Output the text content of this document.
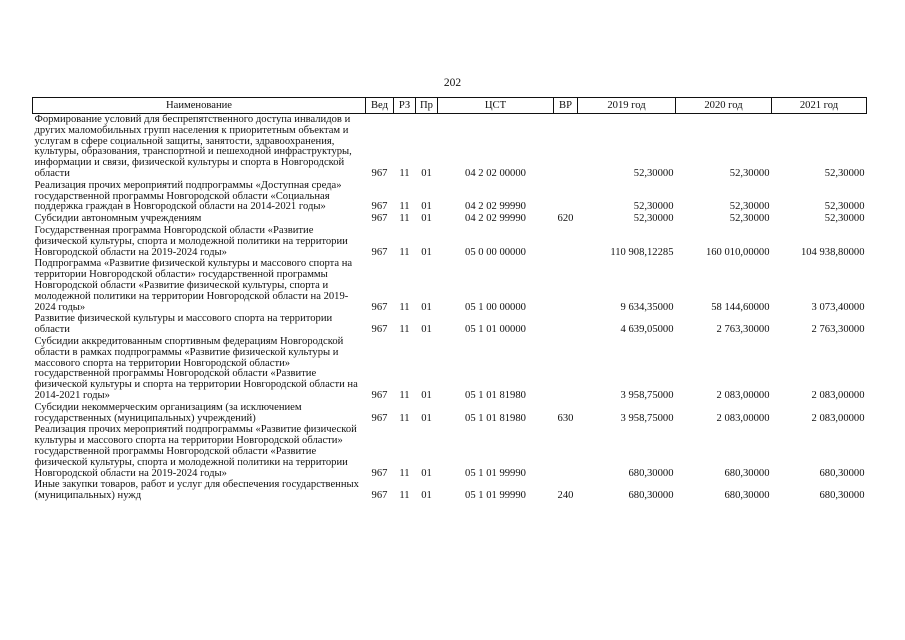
202
Наименование	Вед	РЗ	Пр	ЦСТ	ВР	2019 год	2020 год	2021 год
Формирование условий для беспрепятственного доступа инвалидов и других маломобильных групп населения к приоритетным объектам и услугам в сфере социальной защиты, занятости, здравоохранения, культуры, образования, транспортной и пешеходной инфраструктуры, информации и связи, физической культуры и спорта в Новгородской области	967	11	01	04 2 02 00000		52,30000	52,30000	52,30000
Реализация прочих мероприятий подпрограммы «Доступная среда» государственной программы Новгородской области «Социальная поддержка граждан в Новгородской области на 2014-2021 годы»	967	11	01	04 2 02 99990		52,30000	52,30000	52,30000
Субсидии автономным учреждениям	967	11	01	04 2 02 99990	620	52,30000	52,30000	52,30000
Государственная программа Новгородской области «Развитие физической культуры, спорта и молодежной политики на территории Новгородской области на 2019-2024 годы»	967	11	01	05 0 00 00000		110 908,12285	160 010,00000	104 938,80000
Подпрограмма «Развитие физической культуры и массового спорта на территории Новгородской области» государственной программы Новгородской области «Развитие физической культуры, спорта и молодежной политики на территории Новгородской области на 2019-2024 годы»	967	11	01	05 1 00 00000		9 634,35000	58 144,60000	3 073,40000
Развитие физической культуры и массового спорта на территории области	967	11	01	05 1 01 00000		4 639,05000	2 763,30000	2 763,30000
Субсидии аккредитованным спортивным федерациям Новгородской области в рамках подпрограммы «Развитие физической культуры и массового спорта на территории Новгородской области» государственной программы Новгородской области «Развитие физической культуры и спорта на территории Новгородской области на 2014-2021 годы»	967	11	01	05 1 01 81980		3 958,75000	2 083,00000	2 083,00000
Субсидии некоммерческим организациям (за исключением государственных (муниципальных) учреждений)	967	11	01	05 1 01 81980	630	3 958,75000	2 083,00000	2 083,00000
Реализация прочих мероприятий подпрограммы «Развитие физической культуры и массового спорта на территории Новгородской области» государственной программы Новгородской области «Развитие физической культуры, спорта и молодежной политики на территории Новгородской области на 2019-2024 годы»	967	11	01	05 1 01 99990		680,30000	680,30000	680,30000
Иные закупки товаров, работ и услуг для обеспечения государственных (муниципальных) нужд	967	11	01	05 1 01 99990	240	680,30000	680,30000	680,30000
